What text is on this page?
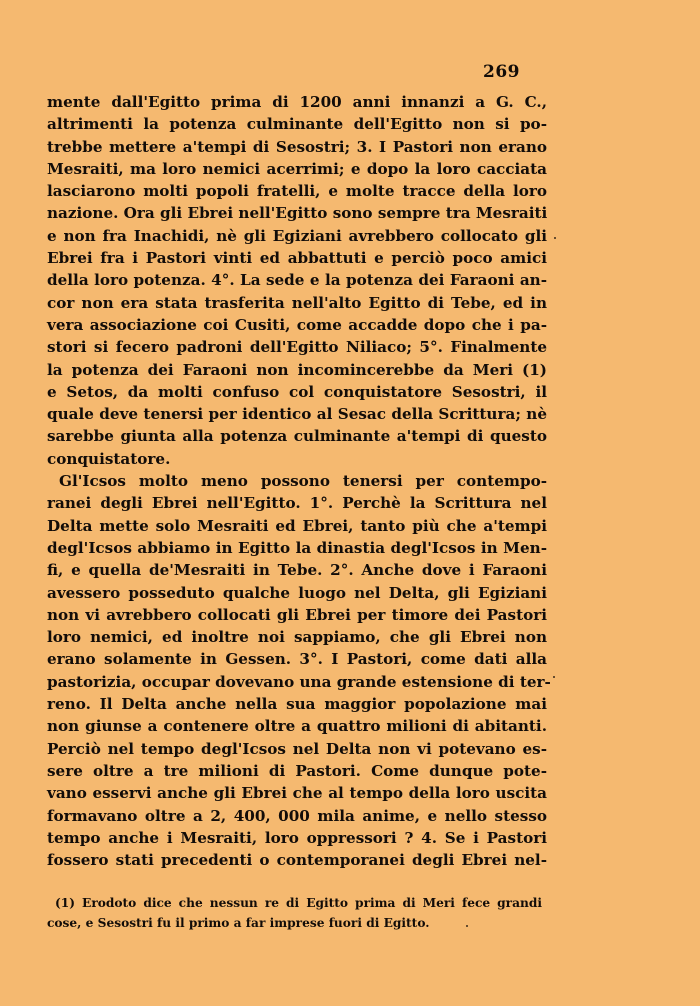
269
mente dall'Egitto prima di 1200 anni innanzi a G. C.,
altrimenti la potenza culminante dell'Egitto non si po-
trebbe mettere a'tempi di Sesostri; 3. I Pastori non erano
Mesraiti, ma loro nemici acerrimi; e dopo la loro cacciata
lasciarono molti popoli fratelli, e molte tracce della loro
nazione. Ora gli Ebrei nell'Egitto sono sempre tra Mesraiti
e non fra Inachidi, nè gli Egiziani avrebbero collocato gli
Ebrei fra i Pastori vinti ed abbattuti e perciò poco amici
della loro potenza. 4°. La sede e la potenza dei Faraoni an-
cor non era stata trasferita nell'alto Egitto di Tebe, ed in
vera associazione coi Cusiti, come accadde dopo che i pa-
stori si fecero padroni dell'Egitto Niliaco; 5°. Finalmente
la potenza dei Faraoni non incomincerebbe da Meri (1)
e Setos, da molti confuso col conquistatore Sesostri, il
quale deve tenersi per identico al Sesac della Scrittura; nè
sarebbe giunta alla potenza culminante a'tempi di questo
conquistatore.
Gl'Icsos molto meno possono tenersi per contempo-
ranei degli Ebrei nell'Egitto. 1°. Perchè la Scrittura nel
Delta mette solo Mesraiti ed Ebrei, tanto più che a'tempi
degl'Icsos abbiamo in Egitto la dinastia degl'Icsos in Men-
fi, e quella de'Mesraiti in Tebe. 2°. Anche dove i Faraoni
avessero posseduto qualche luogo nel Delta, gli Egiziani
non vi avrebbero collocati gli Ebrei per timore dei Pastori
loro nemici, ed inoltre noi sappiamo, che gli Ebrei non
erano solamente in Gessen. 3°. I Pastori, come dati alla
pastorizia, occupar dovevano una grande estensione di ter-
reno. Il Delta anche nella sua maggior popolazione mai
non giunse a contenere oltre a quattro milioni di abitanti.
Perciò nel tempo degl'Icsos nel Delta non vi potevano es-
sere oltre a tre milioni di Pastori. Come dunque pote-
vano esservi anche gli Ebrei che al tempo della loro uscita
formavano oltre a 2, 400, 000 mila anime, e nello stesso
tempo anche i Mesraiti, loro oppressori ? 4. Se i Pastori
fossero stati precedenti o contemporanei degli Ebrei nel-
(1) Erodoto dice che nessun re di Egitto prima di Meri fece grandi
cose, e Sesostri fu il primo a far imprese fuori di Egitto.
